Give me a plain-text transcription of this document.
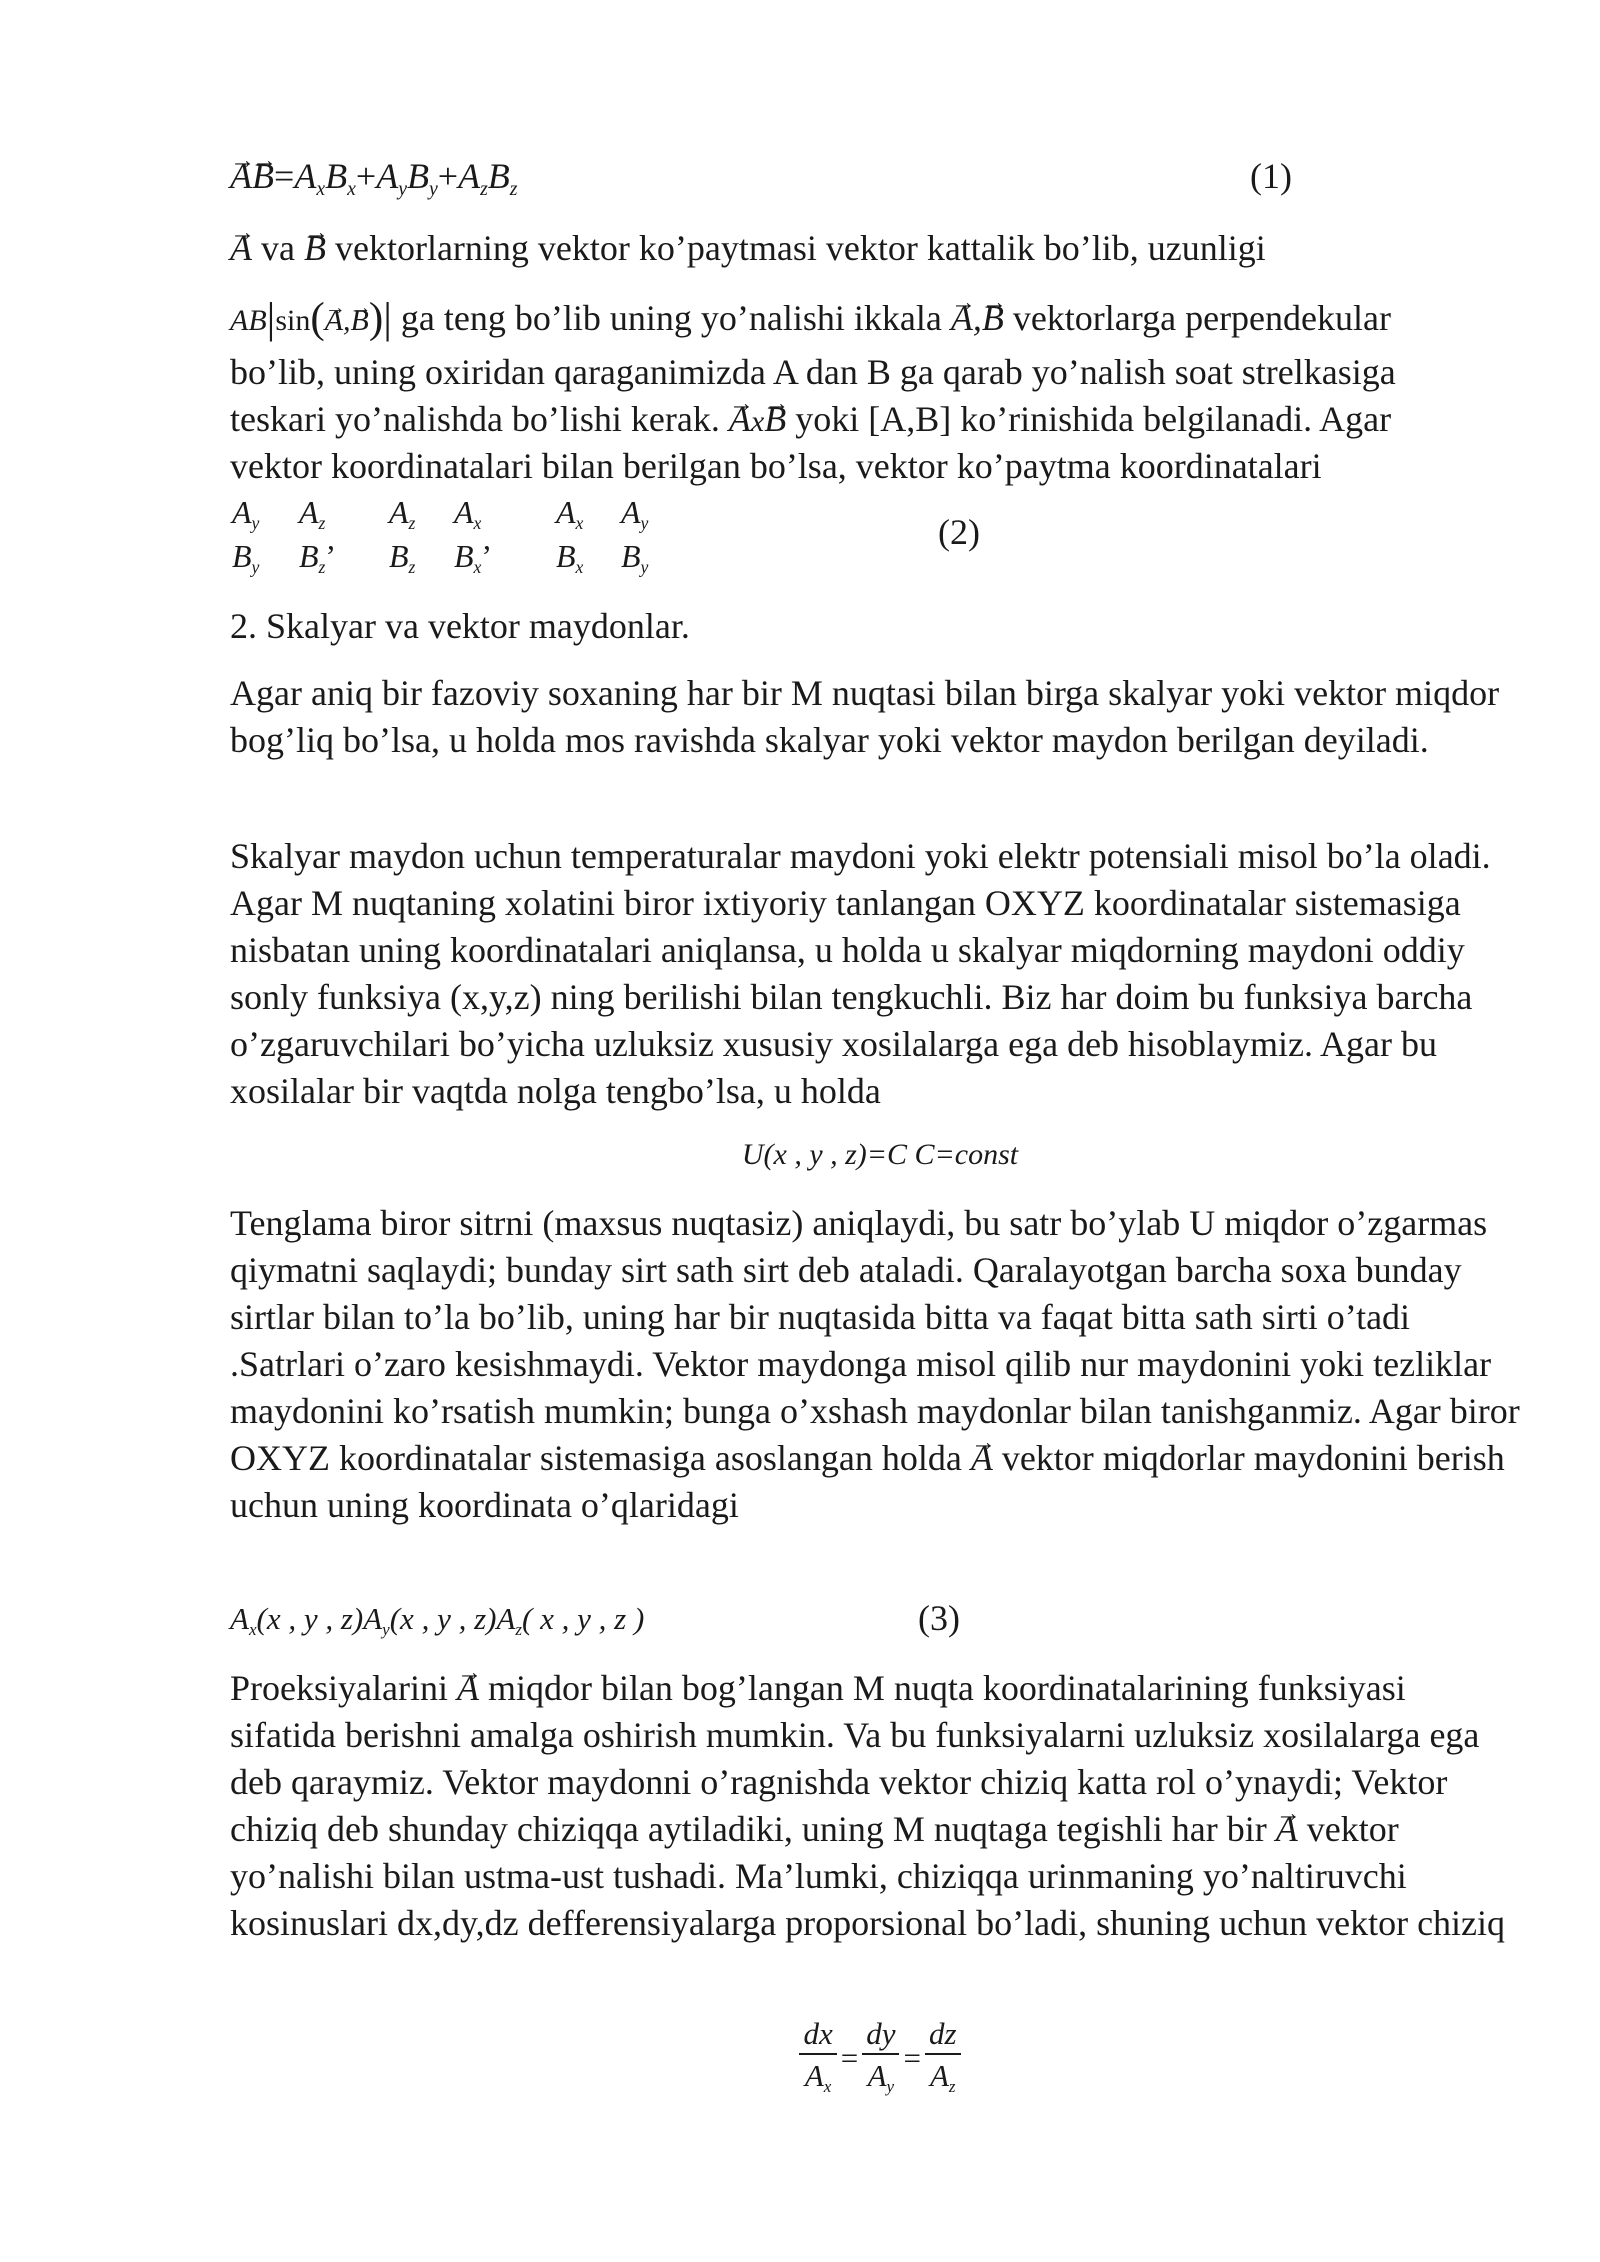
→ $A\to B=A_xB_x+A_yB_y+A_zB_z$	(1)
→ A va → B vektorlarning vektor ko’paytmasi vektor kattalik bo’lib, uzunligi
AB|sin(→ A,→ B)| ga teng bo’lib uning yo’nalishi ikkala → A,→ B vektorlarga perpendekular
bo’lib, uning oxiridan qaraganimizda A dan B ga qarab yo’nalish soat strelkasiga
teskari yo’nalishda bo’lishi kerak. → Ax→ B yoki [A,B] ko’rinishida belgilanadi. Agar
vektor koordinatalari bilan berilgan bo’lsa, vektor ko’paytma koordinatalari
$A_y$ $A_z$ $A_z$ $A_x$ $A_x$ $A_y$
$B_y$ $B_z$’ $B_z$ $B_x$’ $B_x$ $B_y$
(2)
2. Skalyar va vektor maydonlar.

Agar aniq bir fazoviy soxaning har bir M nuqtasi bilan birga skalyar yoki vektor miqdor bog’liq bo’lsa, u holda mos ravishda skalyar yoki vektor maydon berilgan deyiladi.

Skalyar maydon uchun temperaturalar maydoni yoki elektr potensiali misol bo’la oladi. Agar M nuqtaning xolatini biror ixtiyoriy tanlangan OXYZ koordinatalar sistemasiga nisbatan uning koordinatalari aniqlansa, u holda u skalyar miqdorning maydoni oddiy sonly funksiya (x,y,z) ning berilishi bilan tengkuchli. Biz har doim bu funksiya barcha o’zgaruvchilari bo’yicha uzluksiz xususiy xosilalarga ega deb hisoblaymiz. Agar bu xosilalar bir vaqtda nolga tengbo’lsa, u holda

U(x , y , z)=C C=const

Tenglama biror sitrni (maxsus nuqtasiz) aniqlaydi, bu satr bo’ylab U miqdor o’zgarmas qiymatni saqlaydi; bunday sirt sath sirt deb ataladi. Qaralayotgan barcha soxa bunday sirtlar bilan to’la bo’lib, uning har bir nuqtasida bitta va faqat bitta sath sirti o’tadi .Satrlari o’zaro kesishmaydi. Vektor maydonga misol qilib nur maydonini yoki tezliklar maydonini ko’rsatish mumkin; bunga o’xshash maydonlar bilan tanishganmiz. Agar biror OXYZ koordinatalar sistemasiga asoslangan holda → A vektor miqdorlar maydonini berish uchun uning koordinata o’qlaridagi

$A_x(x$ , y , $z)A_y(x$ , y , $z)A_z$( x , y , z )	(3)

Proeksiyalarini → A miqdor bilan bog’langan M nuqta koordinatalarining funksiyasi sifatida berishni amalga oshirish mumkin. Va bu funksiyalarni uzluksiz xosilalarga ega deb qaraymiz. Vektor maydonni o’ragnishda vektor chiziq katta rol o’ynaydi; Vektor chiziq deb shunday chiziqqa aytiladiki, uning M nuqtaga tegishli har bir → A vektor yo’nalishi bilan ustma-ust tushadi. Ma’lumki, chiziqqa urinmaning yo’naltiruvchi kosinuslari dx,dy,dz defferensiyalarga proporsional bo’ladi, shuning uchun vektor chiziq

$\frac{dx}{A_x} = \frac{dy}{A_y} = \frac{dz}{A_z}$
